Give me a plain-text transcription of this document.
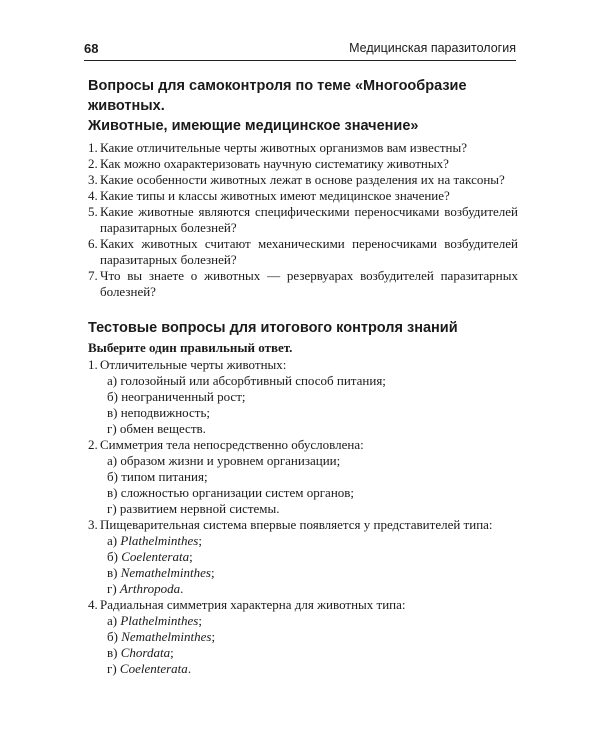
68	Медицинская паразитология
Вопросы для самоконтроля по теме «Многообразие животных.
Животные, имеющие медицинское значение»
1. Какие отличительные черты животных организмов вам известны?
2. Как можно охарактеризовать научную систематику животных?
3. Какие особенности животных лежат в основе разделения их на таксоны?
4. Какие типы и классы животных имеют медицинское значение?
5. Какие животные являются специфическими переносчиками возбудителей паразитарных болезней?
6. Каких животных считают механическими переносчиками возбудителей паразитарных болезней?
7. Что вы знаете о животных — резервуарах возбудителей паразитарных болезней?
Тестовые вопросы для итогового контроля знаний

Выберите один правильный ответ.

1. Отличительные черты животных:
а) голозойный или абсорбтивный способ питания;
б) неограниченный рост;
в) неподвижность;
г) обмен веществ.
2. Симметрия тела непосредственно обусловлена:
а) образом жизни и уровнем организации;
б) типом питания;
в) сложностью организации систем органов;
г) развитием нервной системы.
3. Пищеварительная система впервые появляется у представителей типа:
а) Plathelminthes;
б) Coelenterata;
в) Nemathelminthes;
г) Arthropoda.
4. Радиальная симметрия характерна для животных типа:
а) Plathelminthes;
б) Nemathelminthes;
в) Chordata;
г) Coelenterata.
